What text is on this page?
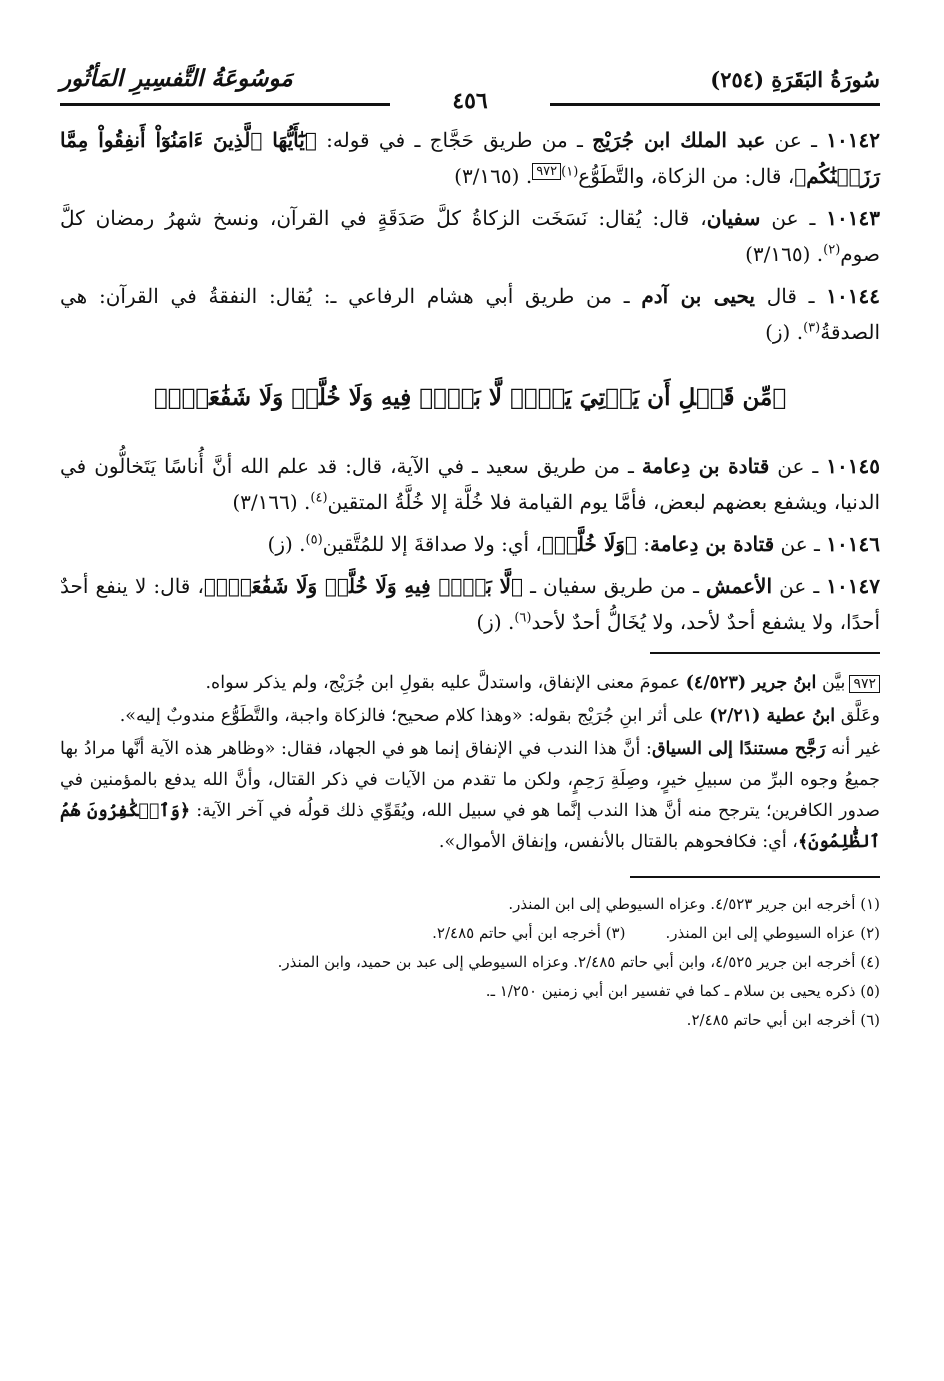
سُورَةُ البَقَرَةِ (٢٥٤)
مَوسُوعَةُ التَّفسِيرِ المَأثُور
٤٥٦

١٠١٤٢ ـ عن عبد الملك ابن جُرَيْج ـ من طريق حَجَّاج ـ في قوله: ﴿يَٰٓأَيُّهَا ٱلَّذِينَ ءَامَنُوٓاْ أَنفِقُواْ مِمَّا رَزَقۡنَٰكُم﴾، قال: من الزكاة، والتَّطَوُّع$^{(١)}$٩٧٢. (٣/١٦٥)

١٠١٤٣ ـ عن سفيان، قال: يُقال: نَسَخَت الزكاةُ كلَّ صَدَقَةٍ في القرآن، ونسخ شهرُ رمضان كلَّ صوم$^{(٢)}$. (٣/١٦٥)

١٠١٤٤ ـ قال يحيى بن آدم ـ من طريق أبي هشام الرفاعي ـ: يُقال: النفقةُ في القرآن: هي الصدقةُ$^{(٣)}$. (ز)

﴿مِّن قَبۡلِ أَن يَأۡتِيَ يَوۡمٞ لَّا بَيۡعٞ فِيهِ وَلَا خُلَّةٞ وَلَا شَفَٰعَةٞۗ﴾

١٠١٤٥ ـ عن قتادة بن دِعامة ـ من طريق سعيد ـ في الآية، قال: قد علم الله أنَّ أُناسًا يَتَخالُّون في الدنيا، ويشفع بعضهم لبعض، فأمَّا يوم القيامة فلا خُلَّة إلا خُلَّةُ المتقين$^{(٤)}$. (٣/١٦٦)

١٠١٤٦ ـ عن قتادة بن دِعامة: ﴿وَلَا خُلَّةٞ﴾، أي: ولا صداقةَ إلا للمُتَّقين$^{(٥)}$. (ز)

١٠١٤٧ ـ عن الأعمش ـ من طريق سفيان ـ ﴿لَّا بَيۡعٞ فِيهِ وَلَا خُلَّةٞ وَلَا شَفَٰعَةٞۗ﴾، قال: لا ينفع أحدٌ أحدًا، ولا يشفع أحدٌ لأحد، ولا يُخَالُّ أحدٌ لأحد$^{(٦)}$. (ز)

٩٧٢بيَّن ابنُ جرير (٤/٥٢٣) عمومَ معنى الإنفاق، واستدلَّ عليه بقولِ ابن جُرَيْج، ولم يذكر سواه.

وعَلَّق ابنُ عطية (٢/٢١) على أثر ابنِ جُرَيْج بقوله: «وهذا كلام صحيح؛ فالزكاة واجبة، والتَّطَوُّع مندوبٌ إليه».

غير أنه رَجَّح مستندًا إلى السياق: أنَّ هذا الندب في الإنفاق إنما هو في الجهاد، فقال: «وظاهر هذه الآية أنَّها مرادُ بها جميعُ وجوه البرِّ من سبيلِ خيرٍ، وصِلَةِ رَحِمٍ، ولكن ما تقدم من الآيات في ذكر القتال، وأنَّ الله يدفع بالمؤمنين في صدور الكافرين؛ يترجح منه أنَّ هذا الندب إنَّما هو في سبيل الله، ويُقَوِّي ذلك قولُه في آخر الآية: ﴿وَٱلۡكَٰفِرُونَ هُمُ ٱلظَّٰلِمُونَ﴾، أي: فكافحوهم بالقتال بالأنفس، وإنفاق الأموال».

(١) أخرجه ابن جرير ٤/٥٢٣. وعزاه السيوطي إلى ابن المنذر.
(٢) عزاه السيوطي إلى ابن المنذر.
(٣) أخرجه ابن أبي حاتم ٢/٤٨٥.
(٤) أخرجه ابن جرير ٤/٥٢٥، وابن أبي حاتم ٢/٤٨٥. وعزاه السيوطي إلى عبد بن حميد، وابن المنذر.
(٥) ذكره يحيى بن سلام ـ كما في تفسير ابن أبي زمنين ١/٢٥٠ ـ.
(٦) أخرجه ابن أبي حاتم ٢/٤٨٥.
